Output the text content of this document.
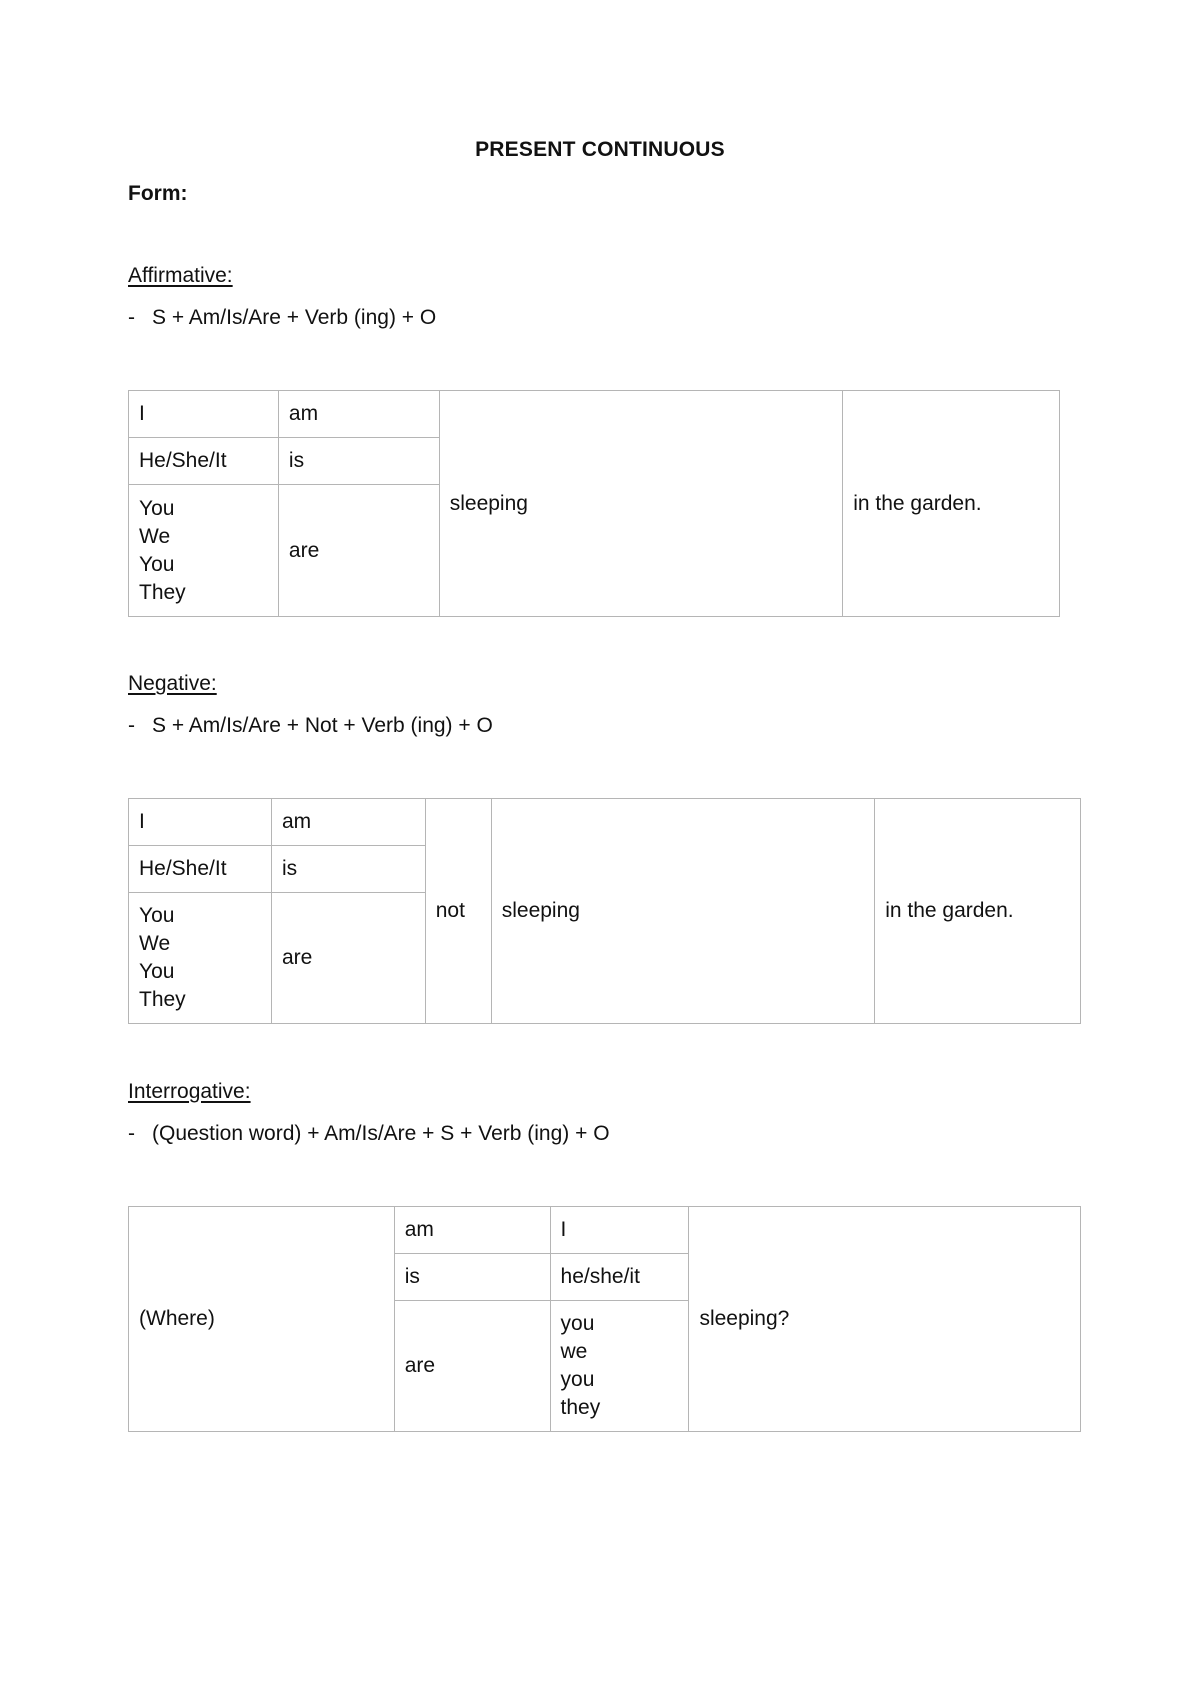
PRESENT CONTINUOUS
Form:
Affirmative:
- S + Am/Is/Are + Verb (ing) + O
I	am	sleeping	in the garden.
He/She/It	is		

You
We
You
They	are		
Negative:
- S + Am/Is/Are + Not + Verb (ing) + O
I	am	not	sleeping	in the garden.
He/She/It	is			

You
We
You
They	are			
Interrogative:
- (Question word) + Am/Is/Are + S + Verb (ing) + O
(Where)	am	I	sleeping?
	is	he/she/it	
	are	you
we
you
they	
